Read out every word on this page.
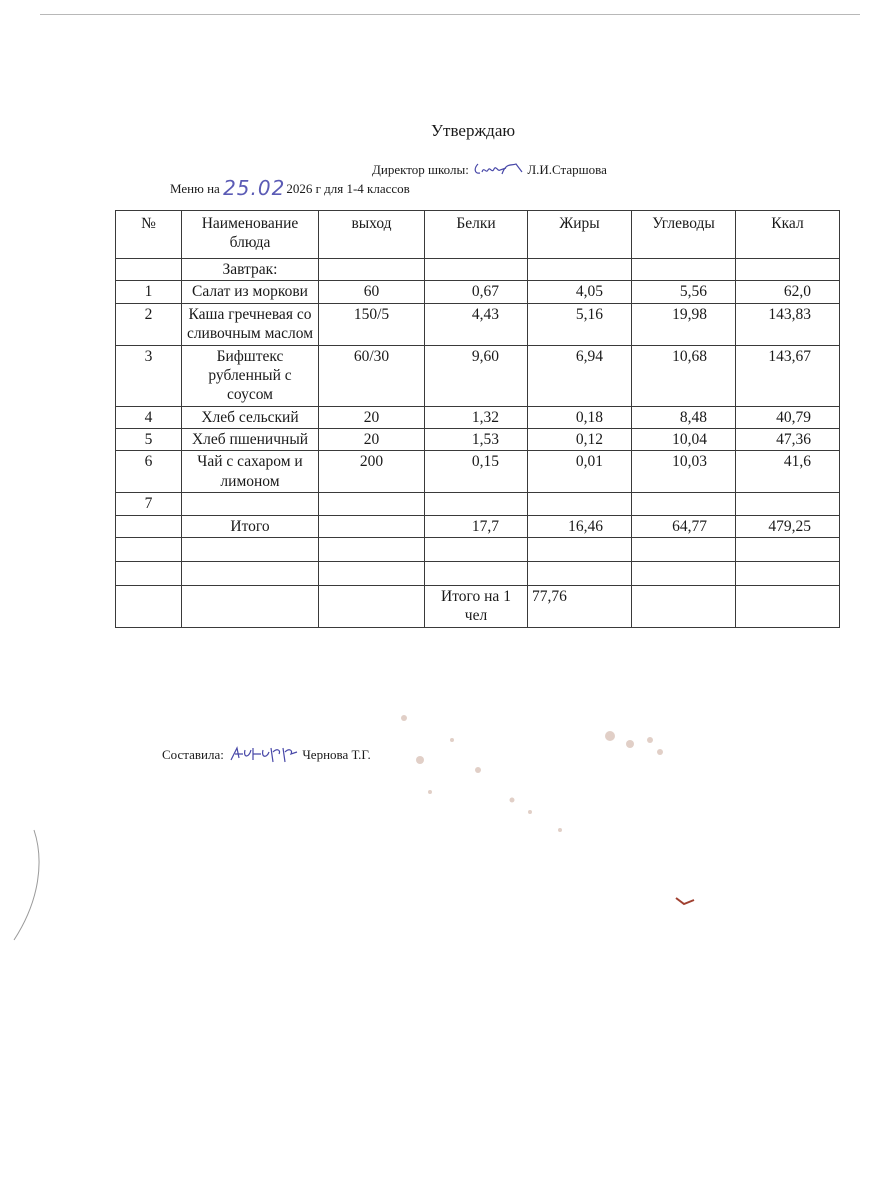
Утверждаю
Директор школы:	Л.И.Старшова
Меню на 25.02 2026 г для 1-4 классов
№	Наименование блюда	выход	Белки	Жиры	Углеводы	Ккал
	Завтрак:					
1	Салат из моркови	60	0,67	4,05	5,56	62,0
2	Каша гречневая со сливочным маслом	150/5	4,43	5,16	19,98	143,83
3	Бифштекс рубленный с соусом	60/30	9,60	6,94	10,68	143,67
4	Хлеб сельский	20	1,32	0,18	8,48	40,79
5	Хлеб пшеничный	20	1,53	0,12	10,04	47,36
6	Чай с сахаром и лимоном	200	0,15	0,01	10,03	41,6
7						
	Итого		17,7	16,46	64,77	479,25

			Итого на 1 чел	77,76		
Составила:	Чернова Т.Г.
